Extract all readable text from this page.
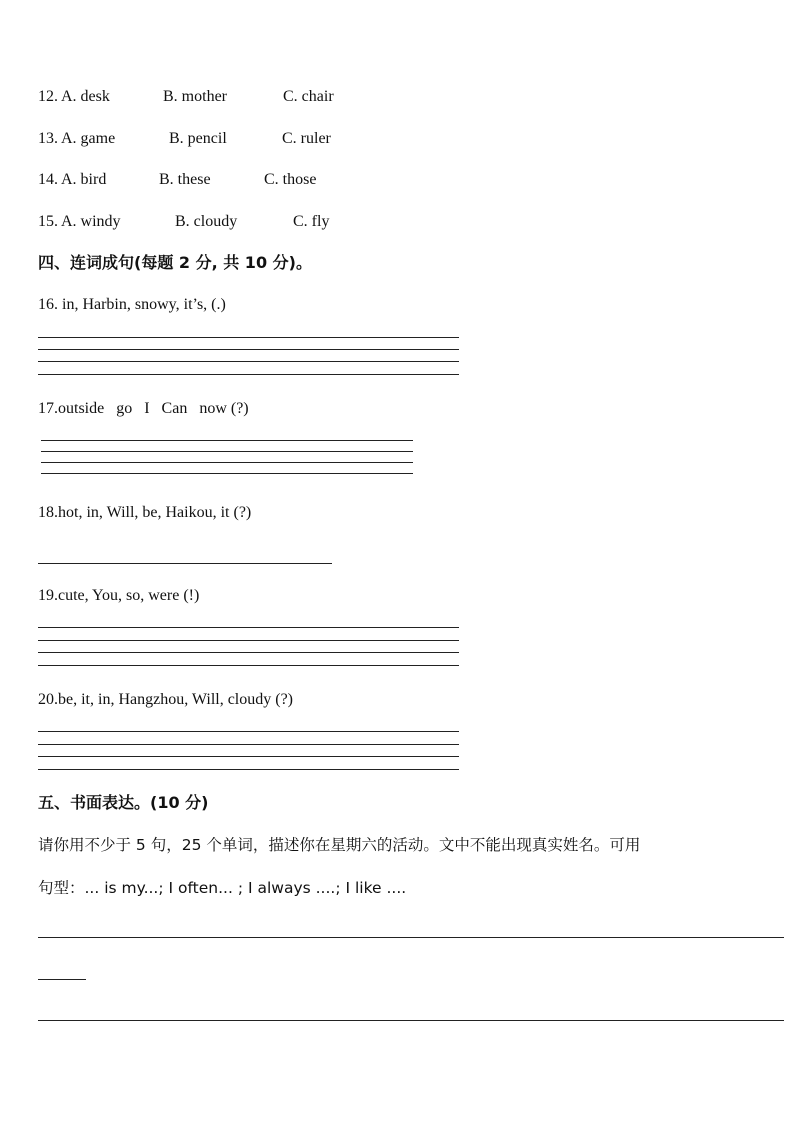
12. A. desk	B. mother	C. chair
13. A. game	B. pencil	C. ruler
14. A. bird	B. these	C. those
15. A. windy	B. cloudy	C. fly
四、连词成句(每题 2 分, 共 10 分)。
16. in, Harbin, snowy, it’s, (.)
17.outside   go   I   Can   now (?)
18.hot, in, Will, be, Haikou, it (?)
19.cute, You, so, were (!)
20.be, it, in, Hangzhou, Will, cloudy (?)
五、书面表达。(10 分)
请你用不少于 5 句，25 个单词，描述你在星期六的活动。文中不能出现真实姓名。可用
句型：... is my...; I often... ; I always ....; I like ....
